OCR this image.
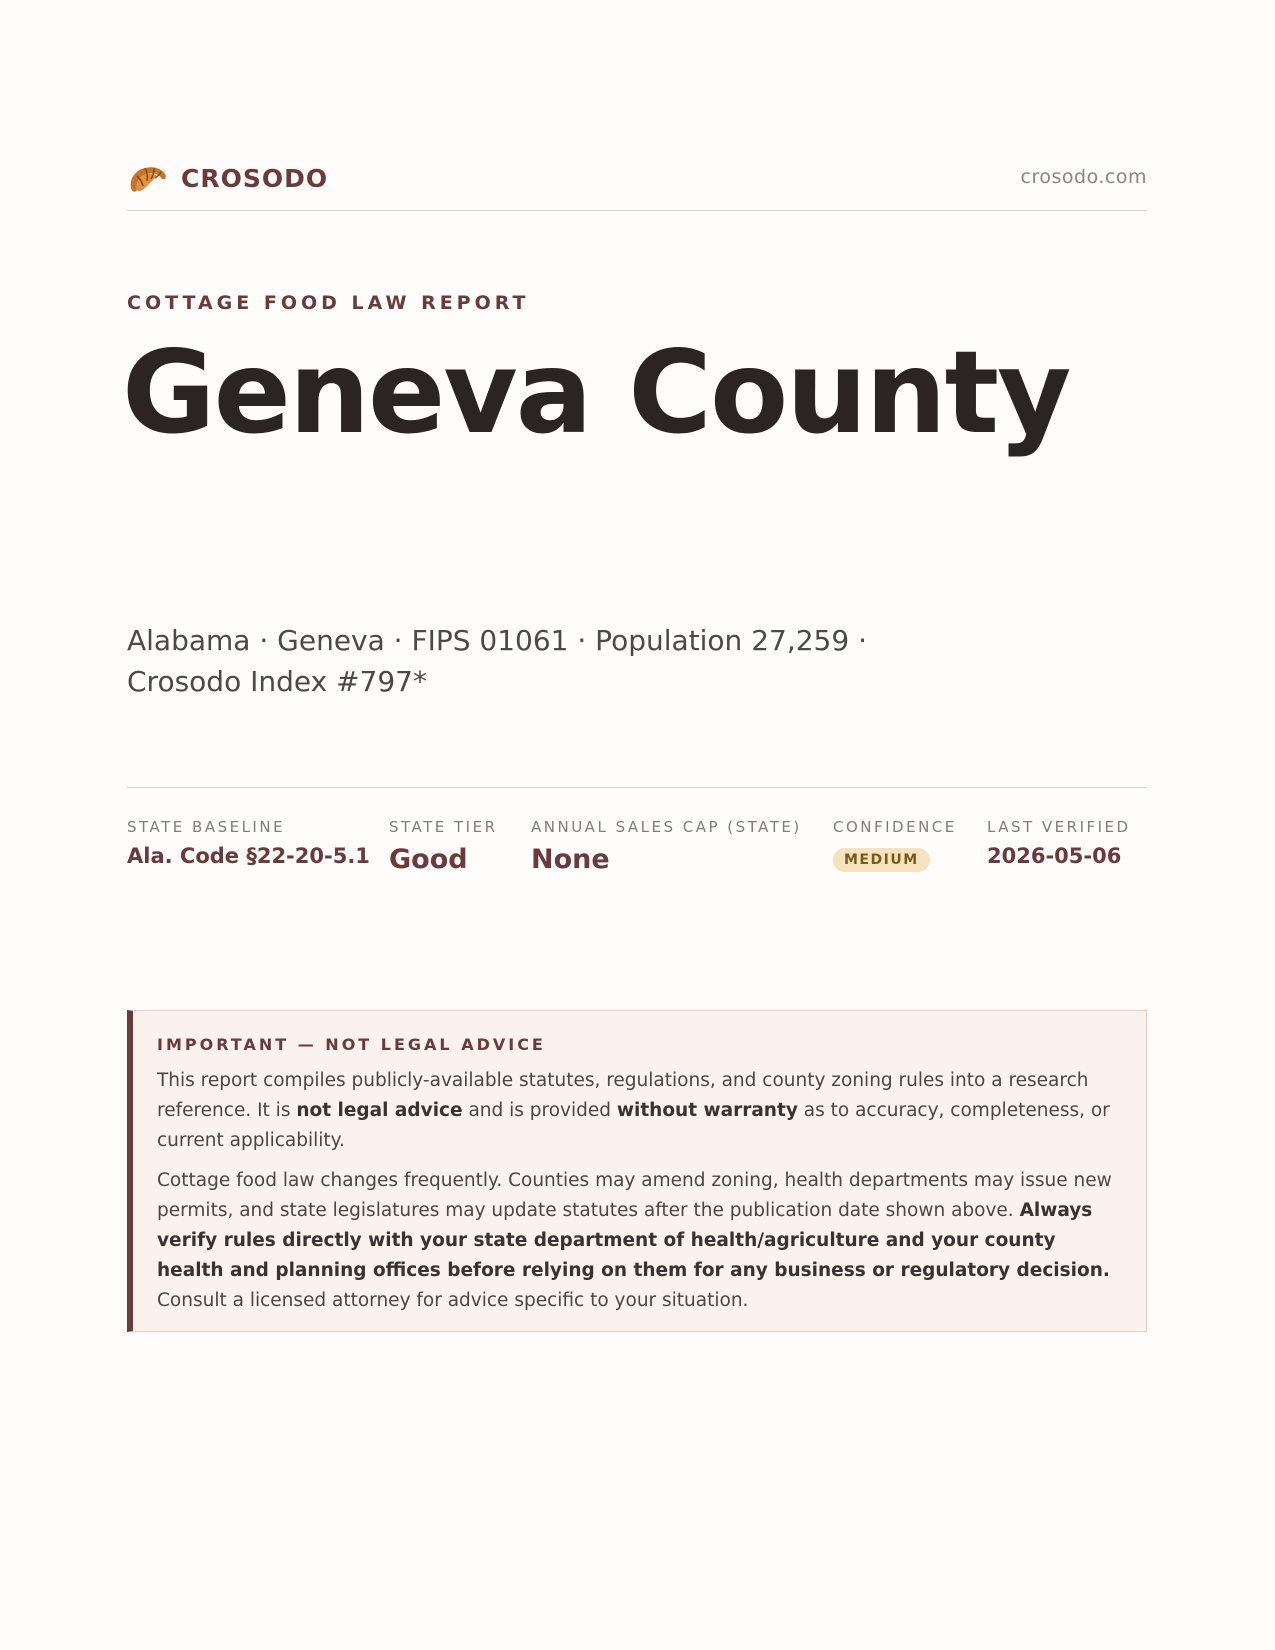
CROSODO	crosodo.com
COTTAGE FOOD LAW REPORT
Geneva County
Alabama · Geneva · FIPS 01061 · Population 27,259 · Crosodo Index #797*
STATE BASELINE
Ala. Code §22-20-5.1
STATE TIER
Good
ANNUAL SALES CAP (STATE)
None
CONFIDENCE
MEDIUM
LAST VERIFIED
2026-05-06
IMPORTANT — NOT LEGAL ADVICE

This report compiles publicly-available statutes, regulations, and county zoning rules into a research reference. It is not legal advice and is provided without warranty as to accuracy, completeness, or current applicability.

Cottage food law changes frequently. Counties may amend zoning, health departments may issue new permits, and state legislatures may update statutes after the publication date shown above. Always verify rules directly with your state department of health/agriculture and your county health and planning offices before relying on them for any business or regulatory decision. Consult a licensed attorney for advice specific to your situation.
